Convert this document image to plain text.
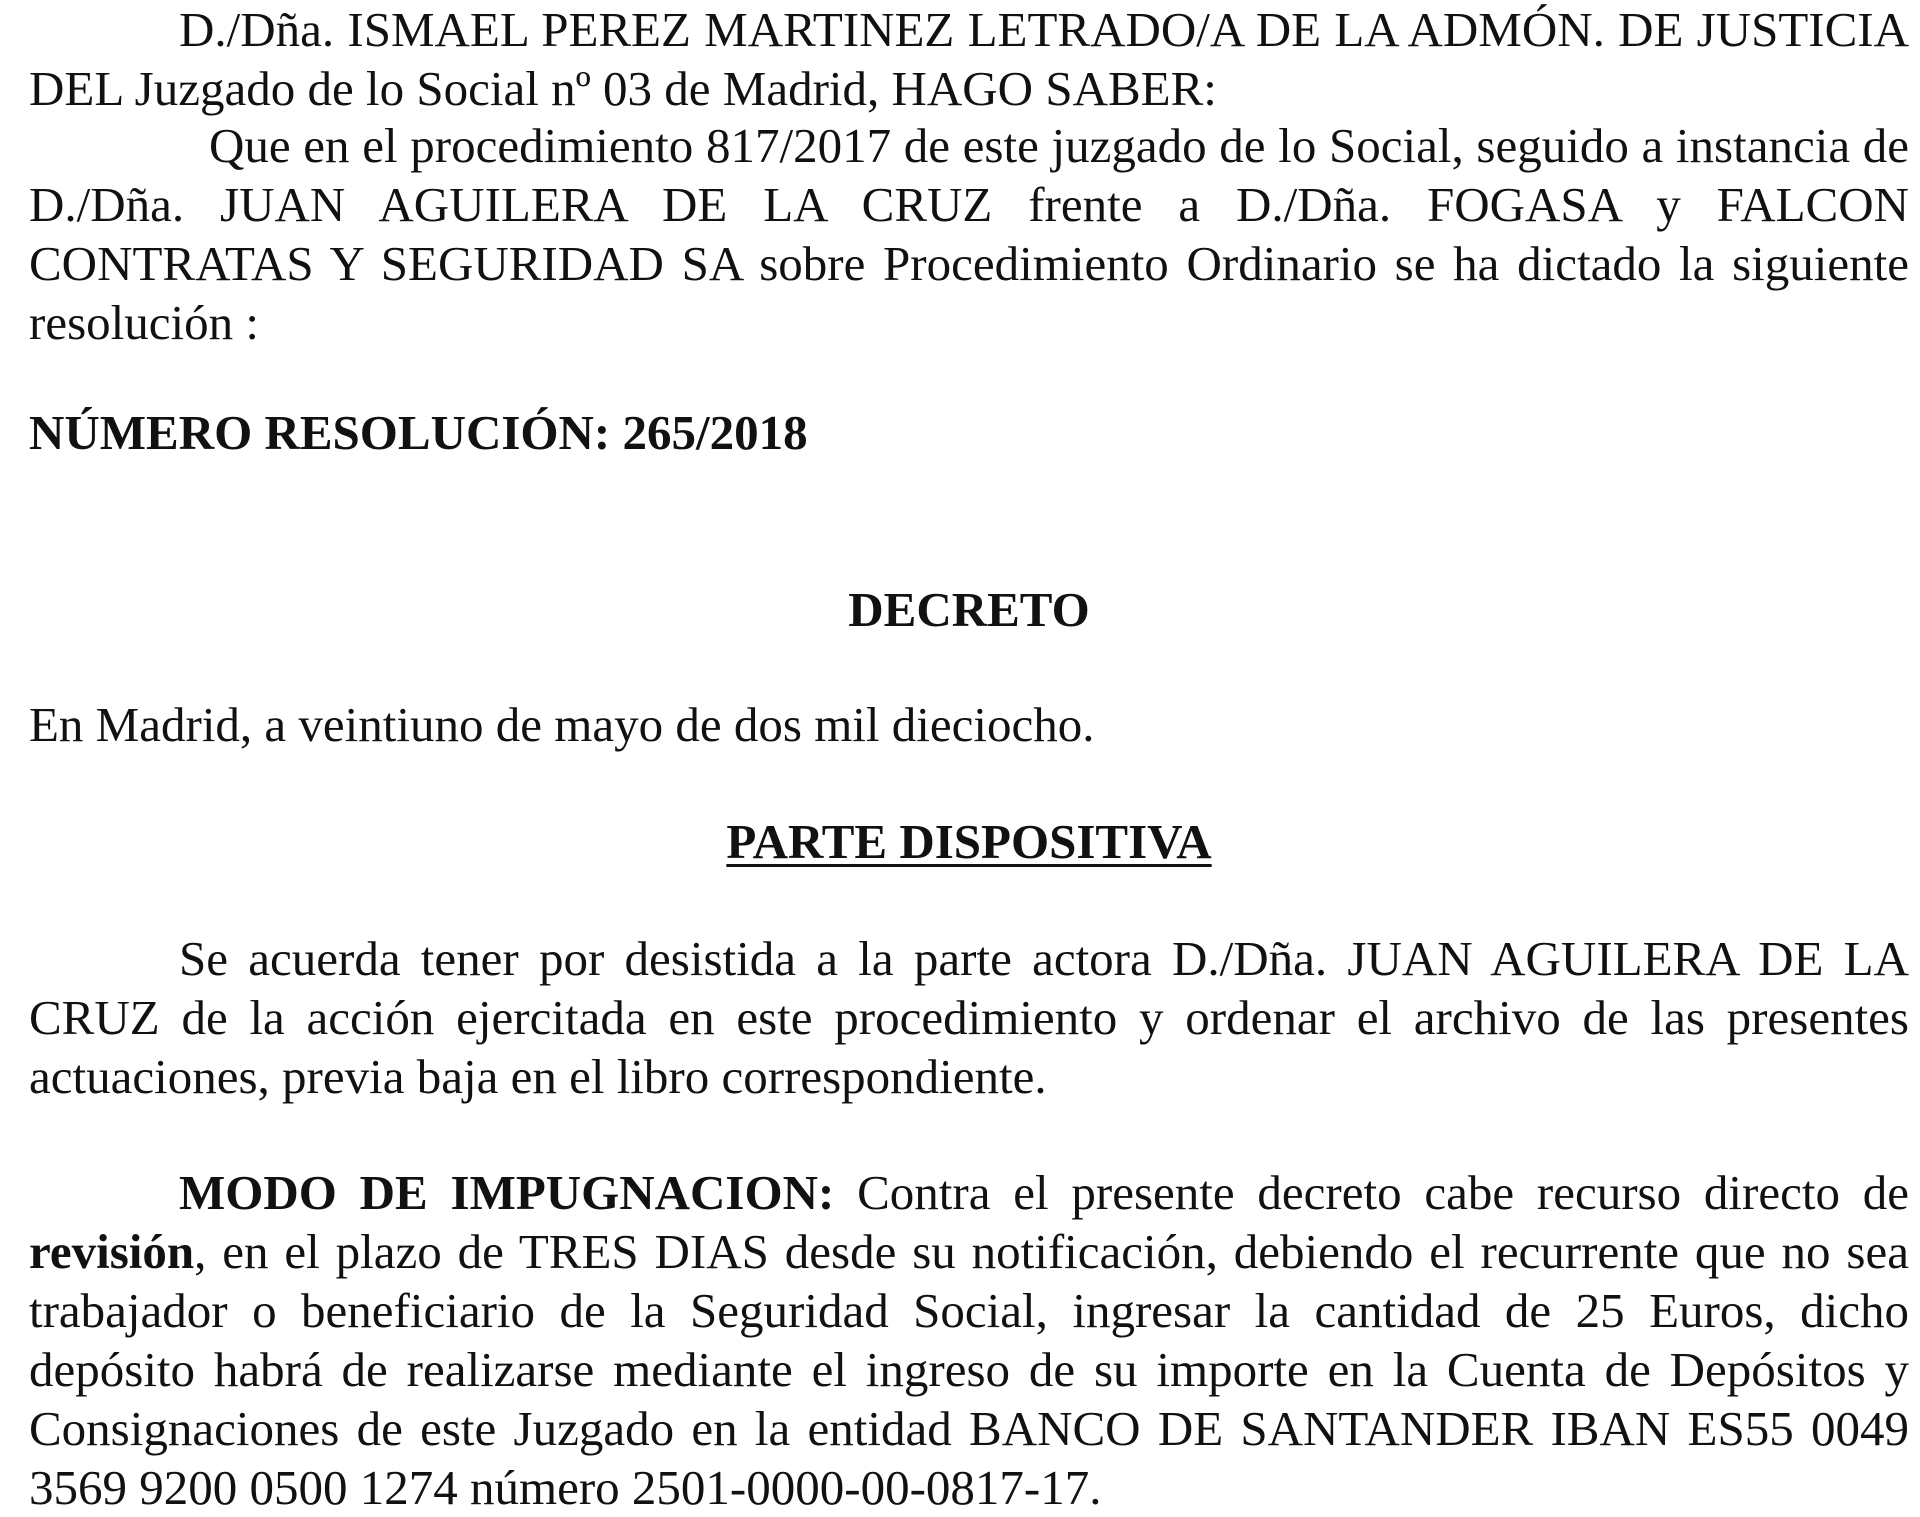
D./Dña. ISMAEL PEREZ MARTINEZ LETRADO/A DE LA ADMÓN. DE JUSTICIA DEL Juzgado de lo Social nº 03 de Madrid, HAGO SABER:

Que en el procedimiento 817/2017 de este juzgado de lo Social, seguido a instancia de D./Dña. JUAN AGUILERA DE LA CRUZ frente a D./Dña. FOGASA y FALCON CONTRATAS Y SEGURIDAD SA sobre Procedimiento Ordinario se ha dictado la siguiente resolución :

NÚMERO RESOLUCIÓN: 265/2018

DECRETO

En Madrid, a veintiuno de mayo de dos mil dieciocho.

PARTE DISPOSITIVA

Se acuerda tener por desistida a la parte actora D./Dña. JUAN AGUILERA DE LA CRUZ de la acción ejercitada en este procedimiento y ordenar el archivo de las presentes actuaciones, previa baja en el libro correspondiente.

MODO DE IMPUGNACION: Contra el presente decreto cabe recurso directo de revisión, en el plazo de TRES DIAS desde su notificación, debiendo el recurrente que no sea trabajador o beneficiario de la Seguridad Social, ingresar la cantidad de 25 Euros, dicho depósito habrá de realizarse mediante el ingreso de su importe en la Cuenta de Depósitos y Consignaciones de este Juzgado en la entidad BANCO DE SANTANDER IBAN ES55 0049 3569 9200 0500 1274 número 2501-0000-00-0817-17.
